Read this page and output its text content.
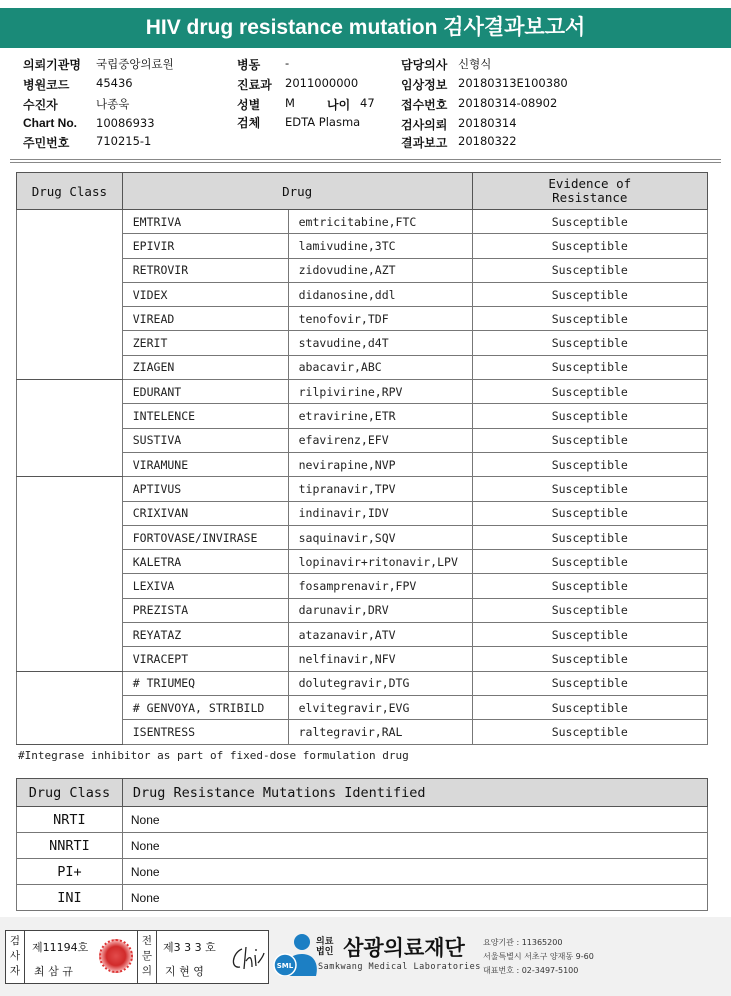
HIV drug resistance mutation 검사결과보고서
의뢰기관명 국립중앙의료원
병원코드 45436
수진자	나종욱
Chart No. 10086933
주민번호 710215-1
병동 -
진료과 2011000000
성별 M	나이 47
검체 EDTA Plasma
담당의사 신형식
임상정보 20180313E100380
접수번호 20180314-08902
검사의뢰 20180314
결과보고 20180322
Drug Class	Drug		Evidence of
Resistance
	EMTRIVA	emtricitabine,FTC	Susceptible
	EPIVIR	lamivudine,3TC	Susceptible
	RETROVIR	zidovudine,AZT	Susceptible
	VIDEX	didanosine,ddl	Susceptible
	VIREAD	tenofovir,TDF	Susceptible
	ZERIT	stavudine,d4T	Susceptible
	ZIAGEN	abacavir,ABC	Susceptible
	EDURANT	rilpivirine,RPV	Susceptible
	INTELENCE	etravirine,ETR	Susceptible
	SUSTIVA	efavirenz,EFV	Susceptible
	VIRAMUNE	nevirapine,NVP	Susceptible
	APTIVUS	tipranavir,TPV	Susceptible
	CRIXIVAN	indinavir,IDV	Susceptible
	FORTOVASE/INVIRASE	saquinavir,SQV	Susceptible
	KALETRA	lopinavir+ritonavir,LPV	Susceptible
	LEXIVA	fosamprenavir,FPV	Susceptible
	PREZISTA	darunavir,DRV	Susceptible
	REYATAZ	atazanavir,ATV	Susceptible
	VIRACEPT	nelfinavir,NFV	Susceptible
	# TRIUMEQ	dolutegravir,DTG	Susceptible
	# GENVOYA, STRIBILD	elvitegravir,EVG	Susceptible
	ISENTRESS	raltegravir,RAL	Susceptible
#Integrase inhibitor as part of fixed-dose formulation drug
Drug Class	Drug Resistance Mutations Identified
NRTI	None
NNRTI	None
PI+	None
INI	None
검사자
제11194호
최 삼 규
전문의
제3 3 3 호
지 현 영	SML
의료법인 삼광의료재단
Samkwang Medical Laboratories
요양기관 : 11365200
서울특별시 서초구 양재동 9-60
대표번호 : 02-3497-5100
